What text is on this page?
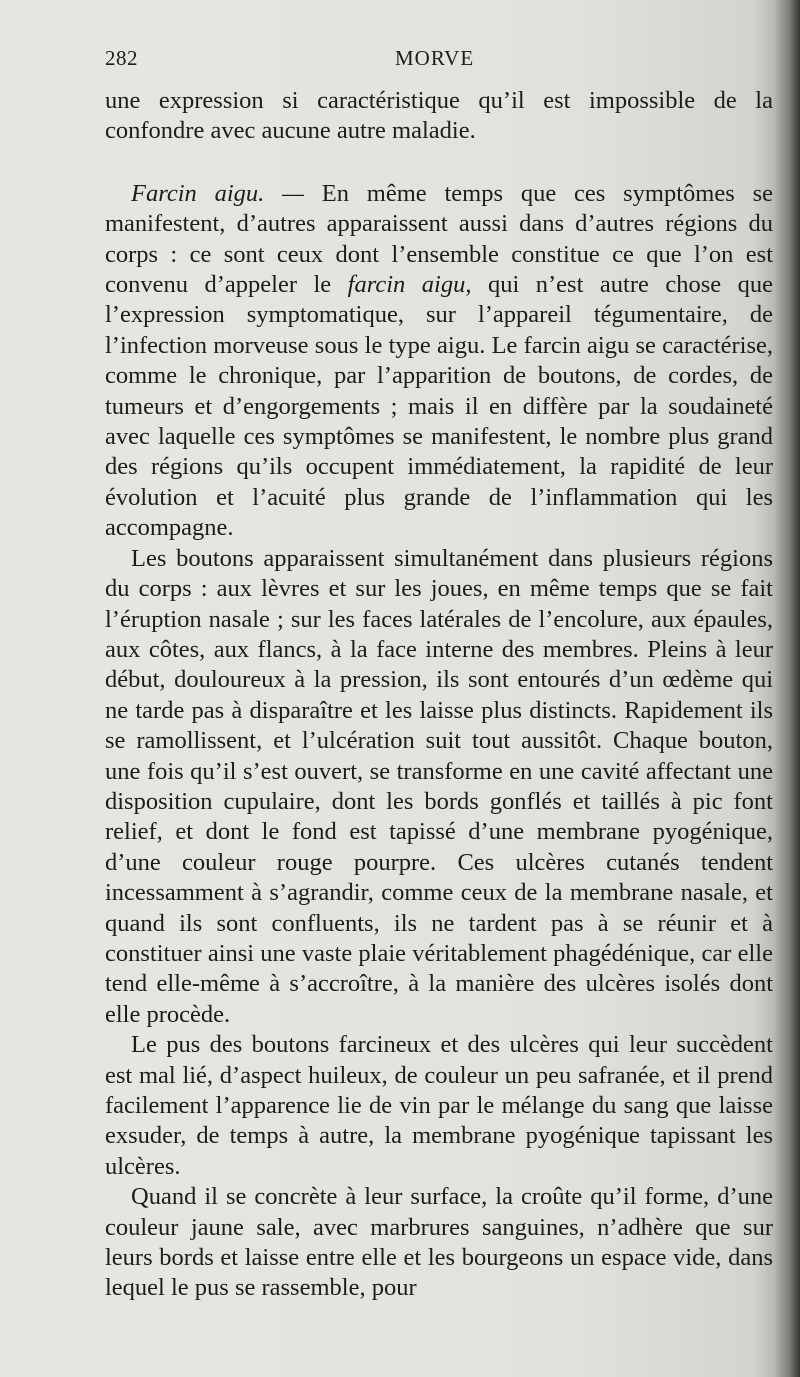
282	MORVE

une expression si caractéristique qu’il est impossible de la confondre avec aucune autre maladie.

Farcin aigu. — En même temps que ces symptômes se manifestent, d’autres apparaissent aussi dans d’autres régions du corps : ce sont ceux dont l’ensemble constitue ce que l’on est convenu d’appeler le farcin aigu, qui n’est autre chose que l’expression symptomatique, sur l’appareil tégumentaire, de l’infection morveuse sous le type aigu. Le farcin aigu se caractérise, comme le chronique, par l’apparition de boutons, de cordes, de tumeurs et d’engorgements ; mais il en diffère par la soudaineté avec laquelle ces symptômes se manifestent, le nombre plus grand des régions qu’ils occupent immédiatement, la rapidité de leur évolution et l’acuité plus grande de l’inflammation qui les accompagne.

Les boutons apparaissent simultanément dans plusieurs régions du corps : aux lèvres et sur les joues, en même temps que se fait l’éruption nasale ; sur les faces latérales de l’encolure, aux épaules, aux côtes, aux flancs, à la face interne des membres. Pleins à leur début, douloureux à la pression, ils sont entourés d’un œdème qui ne tarde pas à disparaître et les laisse plus distincts. Rapidement ils se ramollissent, et l’ulcération suit tout aussitôt. Chaque bouton, une fois qu’il s’est ouvert, se transforme en une cavité affectant une disposition cupulaire, dont les bords gonflés et taillés à pic font relief, et dont le fond est tapissé d’une membrane pyogénique, d’une couleur rouge pourpre. Ces ulcères cutanés tendent incessamment à s’agrandir, comme ceux de la membrane nasale, et quand ils sont confluents, ils ne tardent pas à se réunir et à constituer ainsi une vaste plaie véritablement phagédénique, car elle tend elle-même à s’accroître, à la manière des ulcères isolés dont elle procède.

Le pus des boutons farcineux et des ulcères qui leur succèdent est mal lié, d’aspect huileux, de couleur un peu safranée, et il prend facilement l’apparence lie de vin par le mélange du sang que laisse exsuder, de temps à autre, la membrane pyogénique tapissant les ulcères.

Quand il se concrète à leur surface, la croûte qu’il forme, d’une couleur jaune sale, avec marbrures sanguines, n’adhère que sur leurs bords et laisse entre elle et les bourgeons un espace vide, dans lequel le pus se rassemble, pour
